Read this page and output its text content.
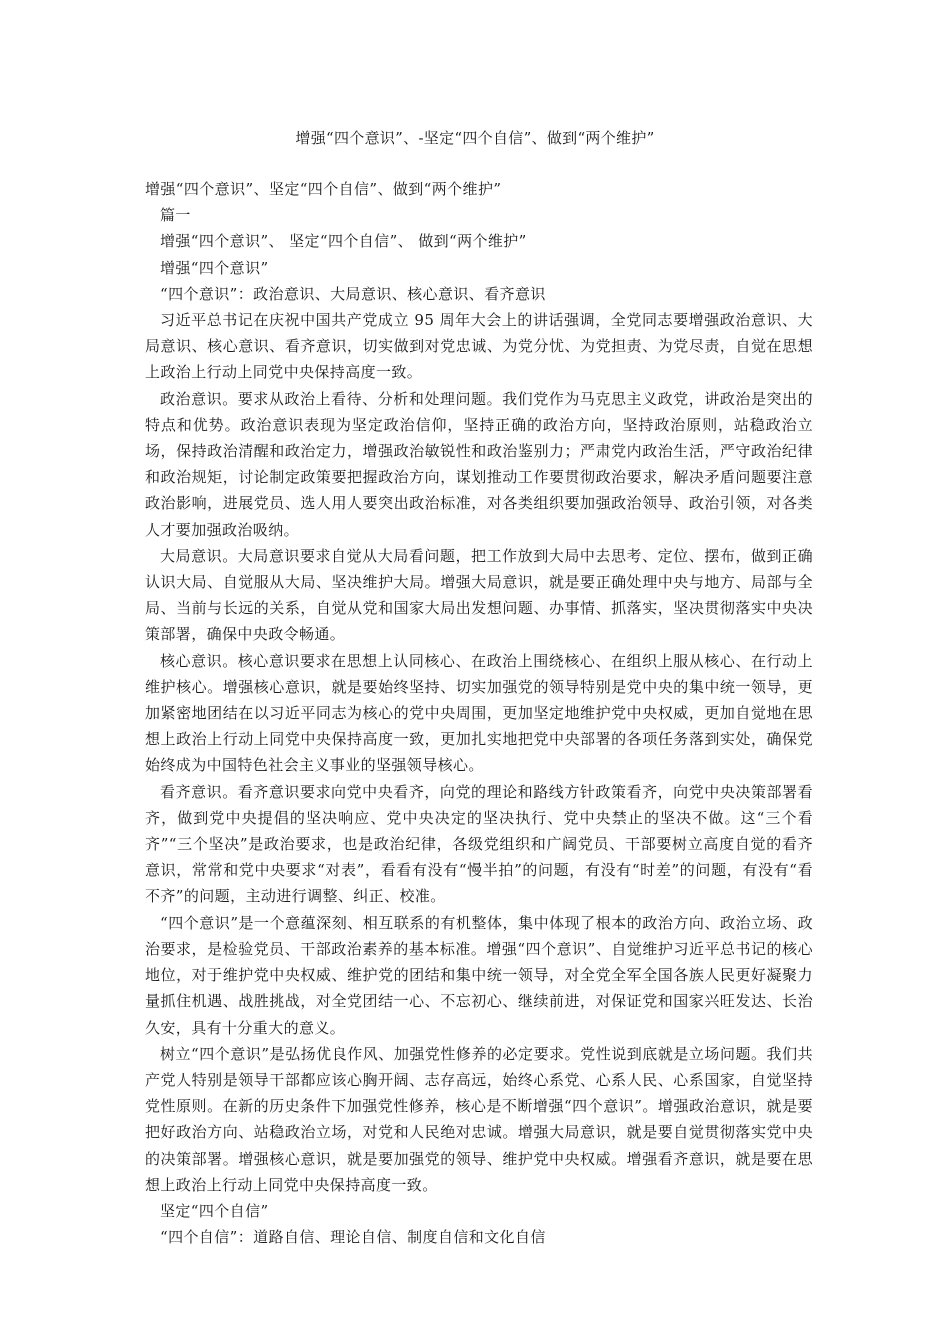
增强“四个意识”、-坚定“四个自信”、做到“两个维护”

增强“四个意识”、坚定“四个自信”、做到“两个维护”

篇一

增强“四个意识”、 坚定“四个自信”、 做到“两个维护”

增强“四个意识”

“四个意识”：政治意识、大局意识、核心意识、看齐意识

习近平总书记在庆祝中国共产党成立 95 周年大会上的讲话强调，全党同志要增强政治意识、大局意识、核心意识、看齐意识，切实做到对党忠诚、为党分忧、为党担责、为党尽责，自觉在思想上政治上行动上同党中央保持高度一致。

政治意识。要求从政治上看待、分析和处理问题。我们党作为马克思主义政党，讲政治是突出的特点和优势。政治意识表现为坚定政治信仰，坚持正确的政治方向，坚持政治原则，站稳政治立场，保持政治清醒和政治定力，增强政治敏锐性和政治鉴别力；严肃党内政治生活，严守政治纪律和政治规矩，讨论制定政策要把握政治方向，谋划推动工作要贯彻政治要求，解决矛盾问题要注意政治影响，进展党员、选人用人要突出政治标准，对各类组织要加强政治领导、政治引领，对各类人才要加强政治吸纳。

大局意识。大局意识要求自觉从大局看问题，把工作放到大局中去思考、定位、摆布，做到正确认识大局、自觉服从大局、坚决维护大局。增强大局意识，就是要正确处理中央与地方、局部与全局、当前与长远的关系，自觉从党和国家大局出发想问题、办事情、抓落实，坚决贯彻落实中央决策部署，确保中央政令畅通。

核心意识。核心意识要求在思想上认同核心、在政治上围绕核心、在组织上服从核心、在行动上维护核心。增强核心意识，就是要始终坚持、切实加强党的领导特别是党中央的集中统一领导，更加紧密地团结在以习近平同志为核心的党中央周围，更加坚定地维护党中央权威，更加自觉地在思想上政治上行动上同党中央保持高度一致，更加扎实地把党中央部署的各项任务落到实处，确保党始终成为中国特色社会主义事业的坚强领导核心。

看齐意识。看齐意识要求向党中央看齐，向党的理论和路线方针政策看齐，向党中央决策部署看齐，做到党中央提倡的坚决响应、党中央决定的坚决执行、党中央禁止的坚决不做。这“三个看齐”“三个坚决”是政治要求，也是政治纪律，各级党组织和广阔党员、干部要树立高度自觉的看齐意识，常常和党中央要求“对表”，看看有没有“慢半拍”的问题，有没有“时差”的问题，有没有“看不齐”的问题，主动进行调整、纠正、校准。

“四个意识”是一个意蕴深刻、相互联系的有机整体，集中体现了根本的政治方向、政治立场、政治要求，是检验党员、干部政治素养的基本标准。增强“四个意识”、自觉维护习近平总书记的核心地位，对于维护党中央权威、维护党的团结和集中统一领导，对全党全军全国各族人民更好凝聚力量抓住机遇、战胜挑战，对全党团结一心、不忘初心、继续前进，对保证党和国家兴旺发达、长治久安，具有十分重大的意义。

树立“四个意识”是弘扬优良作风、加强党性修养的必定要求。党性说到底就是立场问题。我们共产党人特别是领导干部都应该心胸开阔、志存高远，始终心系党、心系人民、心系国家，自觉坚持党性原则。在新的历史条件下加强党性修养，核心是不断增强“四个意识”。增强政治意识，就是要把好政治方向、站稳政治立场，对党和人民绝对忠诚。增强大局意识，就是要自觉贯彻落实党中央的决策部署。增强核心意识，就是要加强党的领导、维护党中央权威。增强看齐意识，就是要在思想上政治上行动上同党中央保持高度一致。

坚定“四个自信”

“四个自信”：道路自信、理论自信、制度自信和文化自信
